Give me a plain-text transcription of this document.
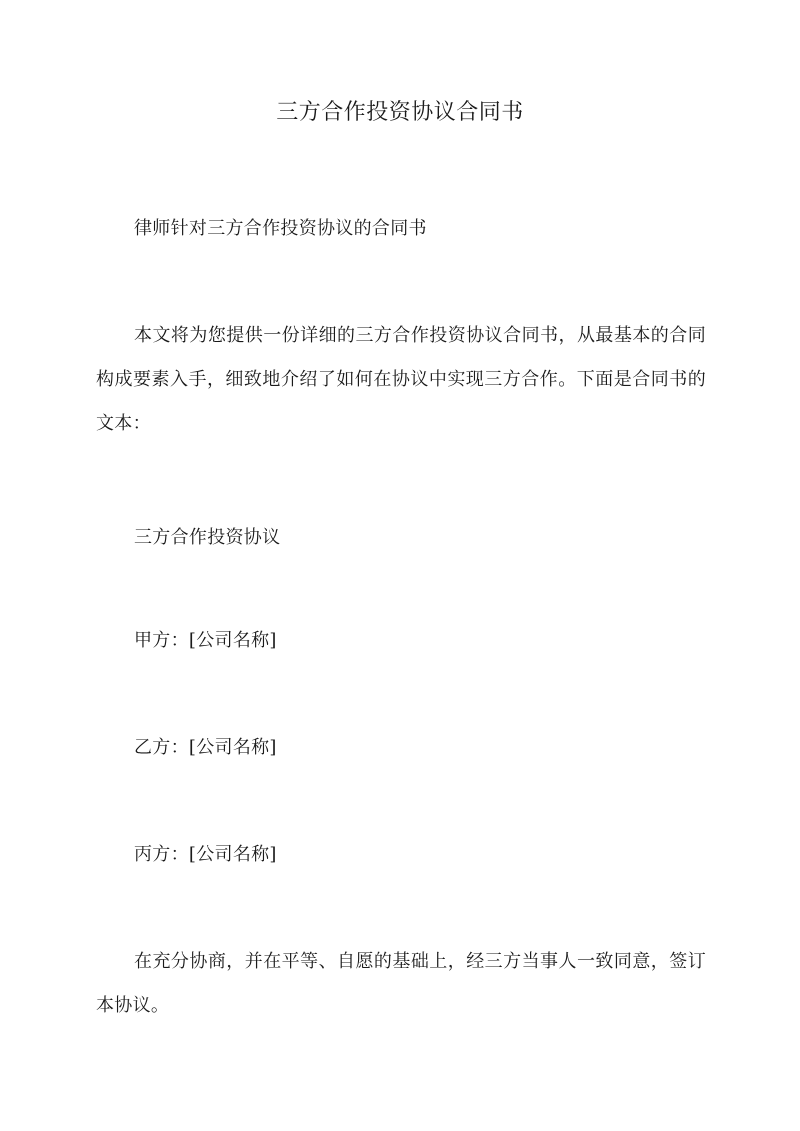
三方合作投资协议合同书

律师针对三方合作投资协议的合同书

本文将为您提供一份详细的三方合作投资协议合同书，从最基本的合同构成要素入手，细致地介绍了如何在协议中实现三方合作。下面是合同书的文本：

三方合作投资协议

甲方：[公司名称]

乙方：[公司名称]

丙方：[公司名称]

在充分协商，并在平等、自愿的基础上，经三方当事人一致同意，签订本协议。
